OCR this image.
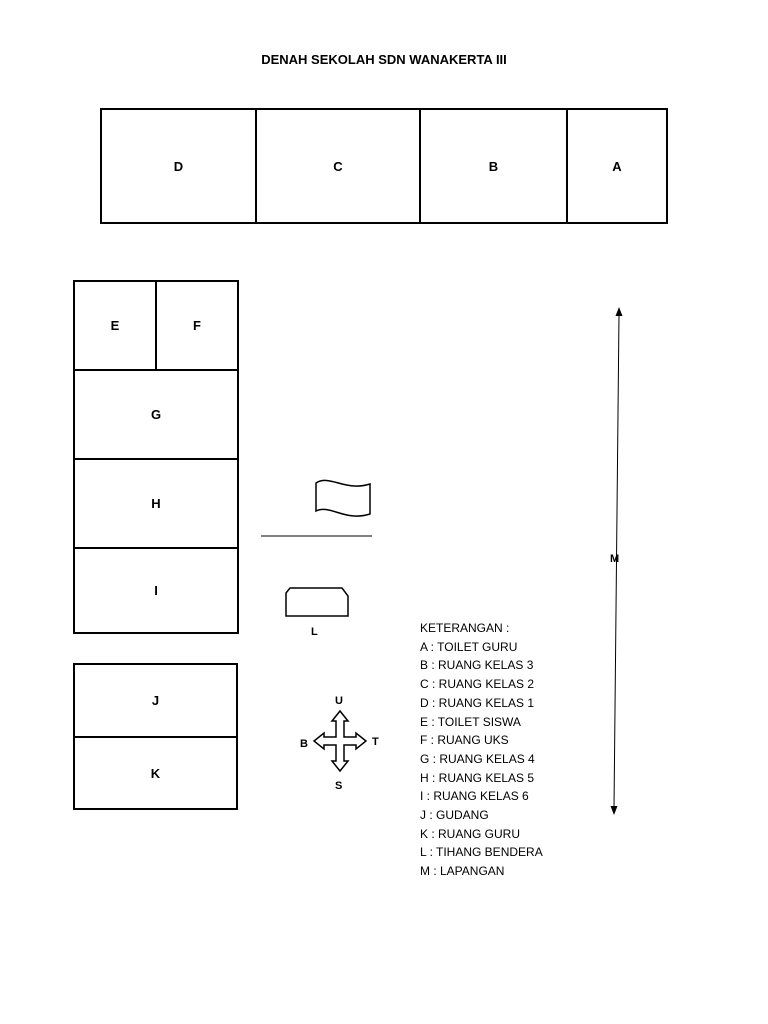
DENAH SEKOLAH SDN WANAKERTA III
D	C	B	A
E	F
G
H
I
J
K
L
M
U
B	T
S
KETERANGAN :
A : TOILET GURU
B : RUANG KELAS 3
C : RUANG KELAS 2
D : RUANG KELAS 1
E : TOILET SISWA
F : RUANG UKS
G : RUANG KELAS 4
H : RUANG KELAS 5
I : RUANG KELAS 6
J : GUDANG
K : RUANG GURU
L : TIHANG BENDERA
M : LAPANGAN
